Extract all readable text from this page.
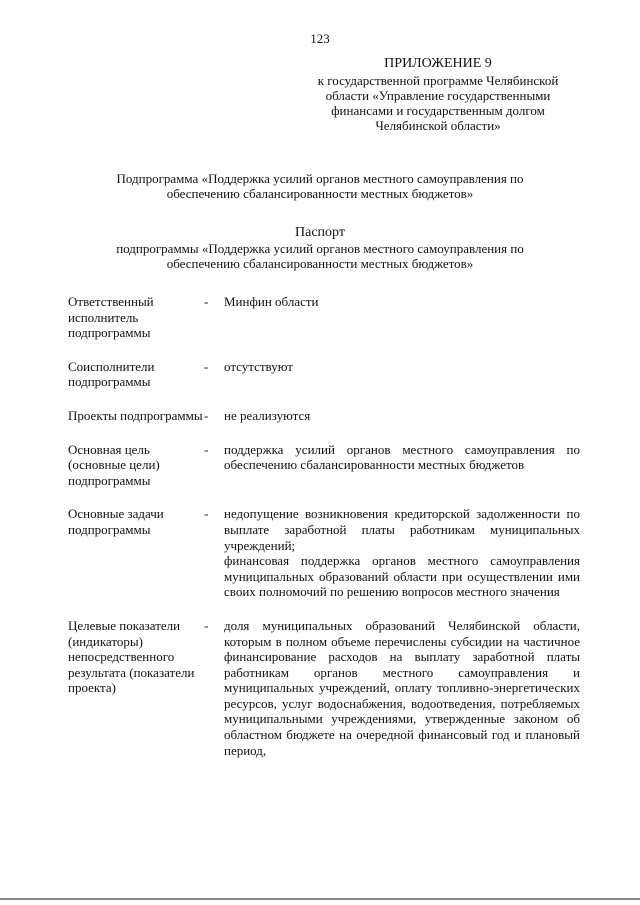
123
ПРИЛОЖЕНИЕ 9
к государственной программе Челябинской
области «Управление государственными
финансами и государственным долгом
Челябинской области»
Подпрограмма «Поддержка усилий органов местного самоуправления по
обеспечению сбалансированности местных бюджетов»
Паспорт
подпрограммы «Поддержка усилий органов местного самоуправления по
обеспечению сбалансированности местных бюджетов»
Ответственный исполнитель подпрограммы	-	Минфин области

Соисполнители подпрограммы	-	отсутствуют

Проекты подпрограммы	-	не реализуются

Основная цель (основные цели) подпрограммы	-	поддержка усилий органов местного самоуправления по обеспечению сбалансированности местных бюджетов

Основные задачи подпрограммы	-	недопущение возникновения кредиторской задолженности по выплате заработной платы работникам муниципальных учреждений;
финансовая поддержка органов местного самоуправления муниципальных образований области при осуществлении ими своих полномочий по решению вопросов местного значения

Целевые показатели (индикаторы) непосредственного результата (показатели проекта)	-	доля муниципальных образований Челябинской области, которым в полном объеме перечислены субсидии на частичное финансирование расходов на выплату заработной платы работникам органов местного самоуправления и муниципальных учреждений, оплату топливно-энергетических ресурсов, услуг водоснабжения, водоотведения, потребляемых муниципальными учреждениями, утвержденные законом об областном бюджете на очередной финансовый год и плановый период,
